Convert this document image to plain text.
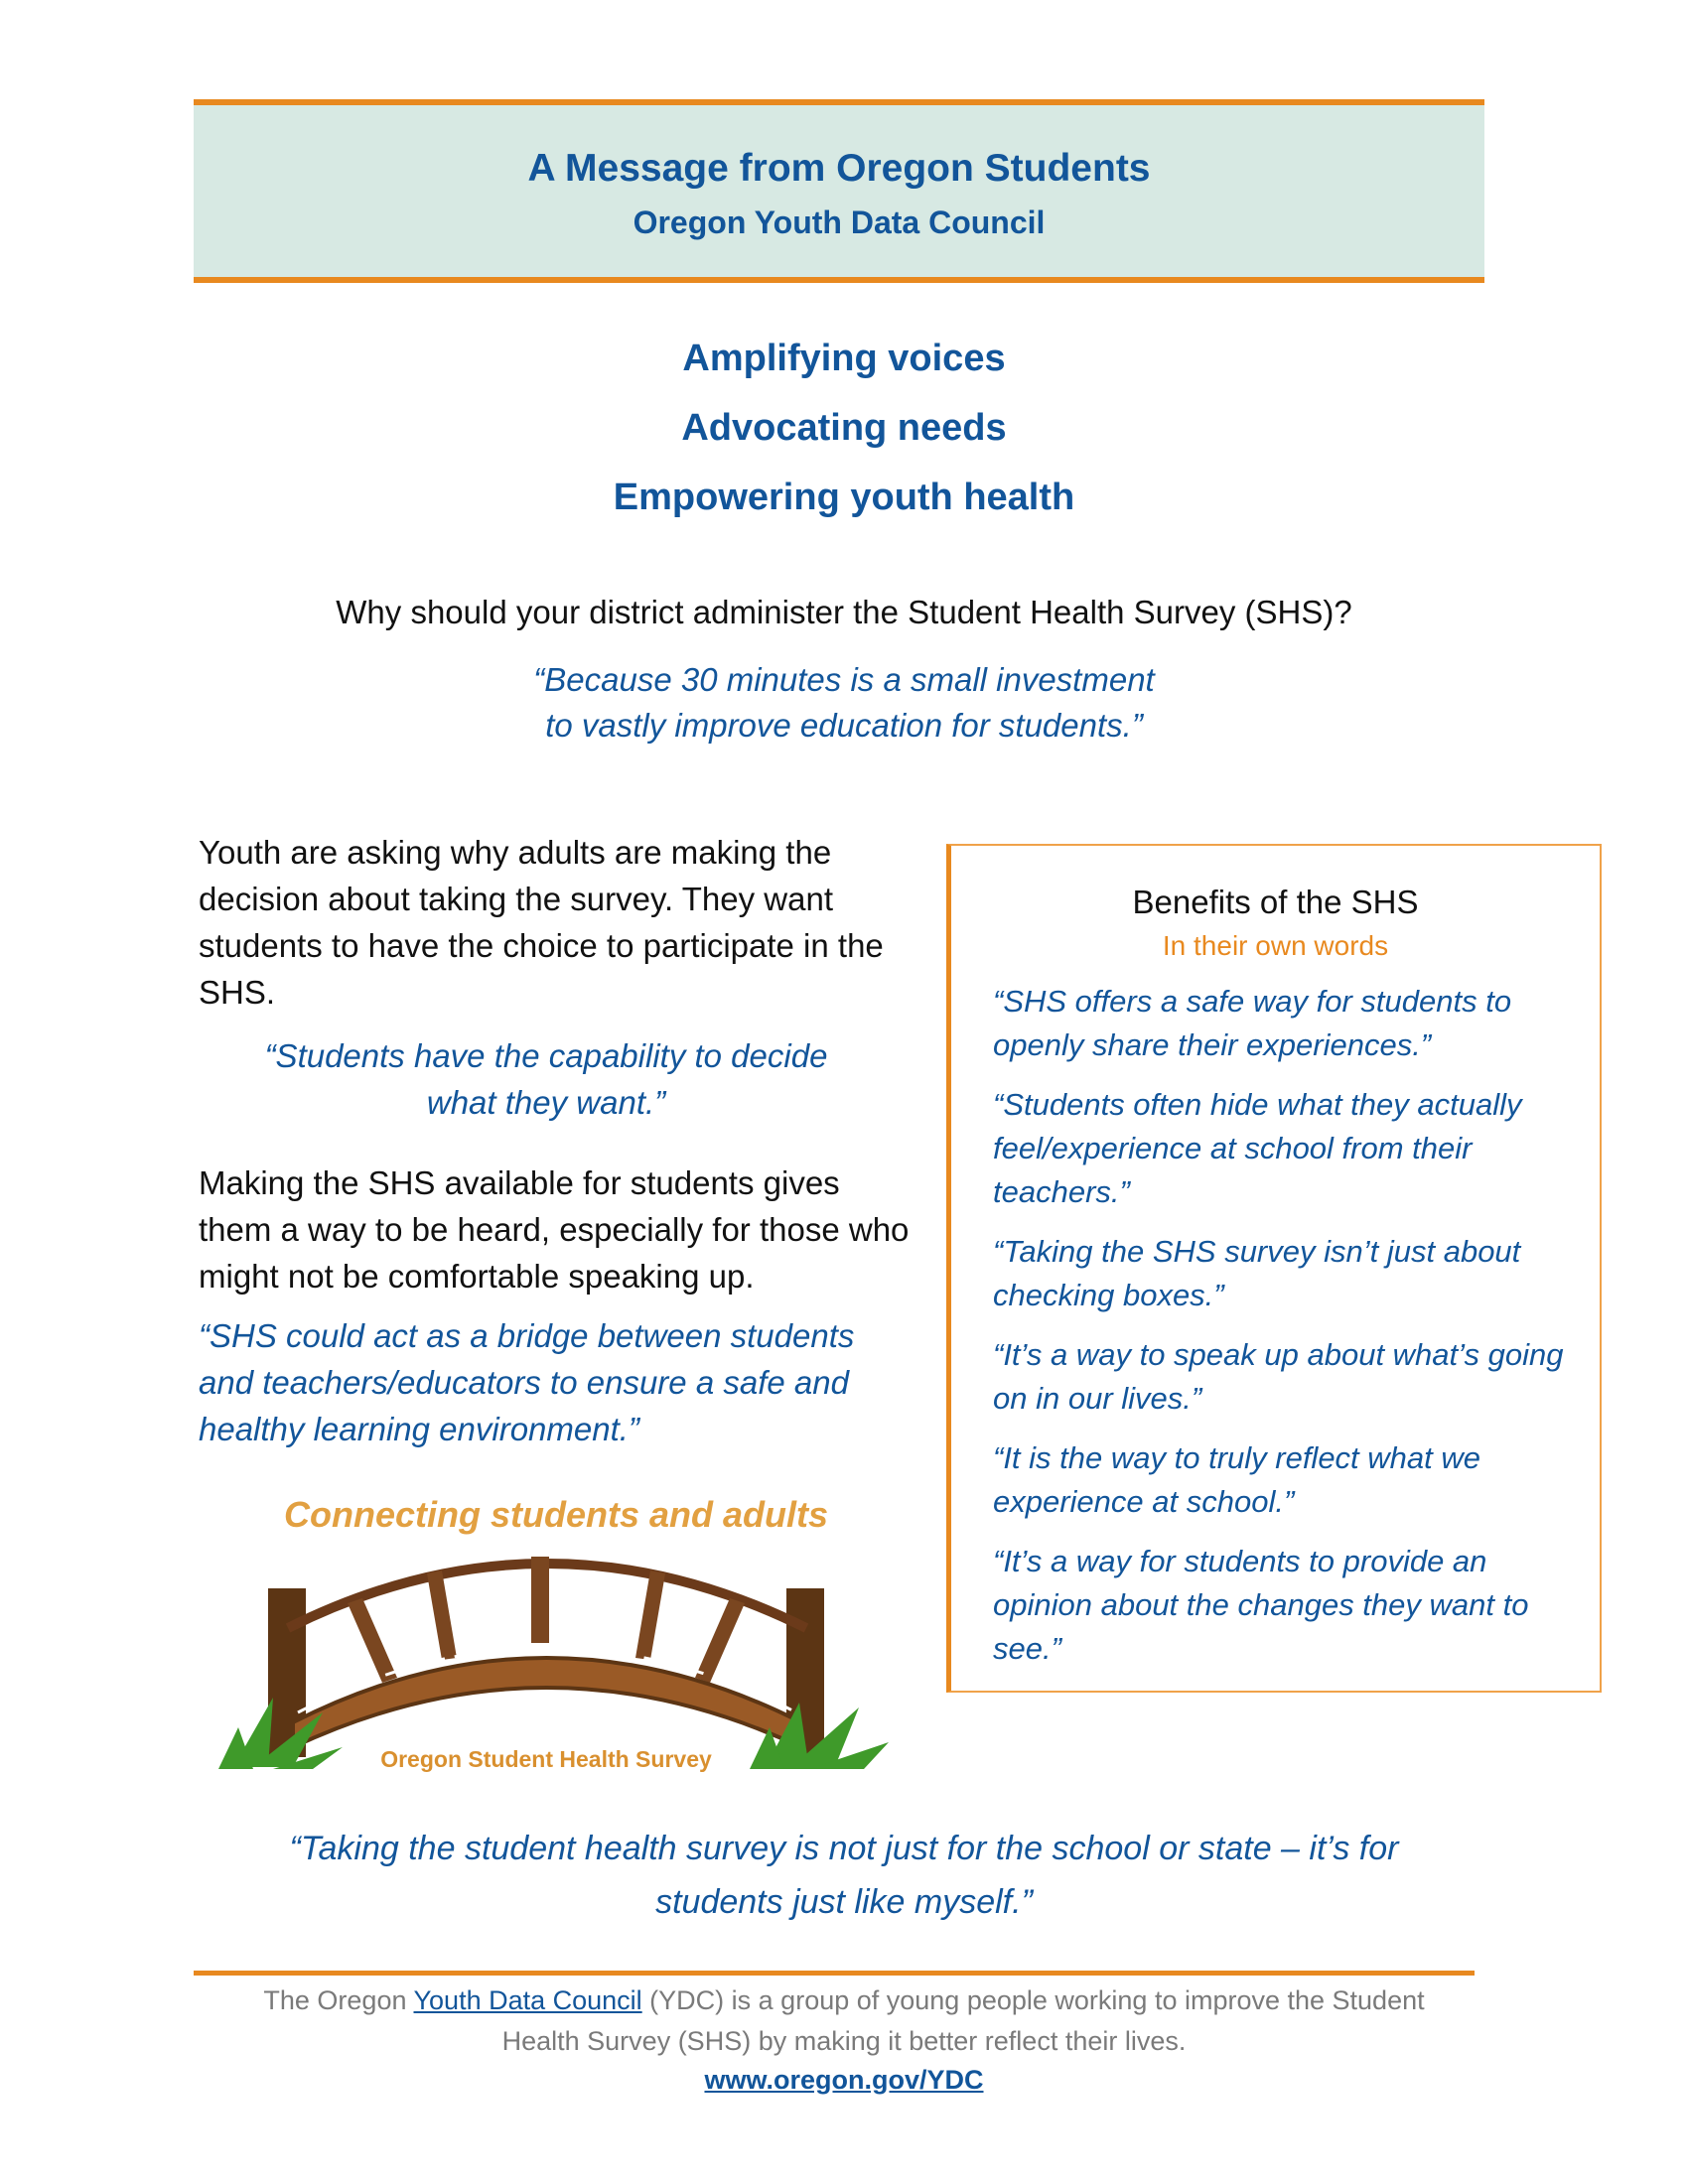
A Message from Oregon Students
Oregon Youth Data Council
Amplifying voices
Advocating needs
Empowering youth health
Why should your district administer the Student Health Survey (SHS)?
“Because 30 minutes is a small investment
to vastly improve education for students.”
Youth are asking why adults are making the decision about taking the survey. They want students to have the choice to participate in the SHS.
“Students have the capability to decide
what they want.”
Making the SHS available for students gives them a way to be heard, especially for those who might not be comfortable speaking up.
“SHS could act as a bridge between students and teachers/educators to ensure a safe and healthy learning environment.”
Connecting students and adults
Oregon Student Health Survey
Benefits of the SHS
In their own words

“SHS offers a safe way for students to openly share their experiences.”

“Students often hide what they actually feel/experience at school from their teachers.”

“Taking the SHS survey isn’t just about checking boxes.”

“It’s a way to speak up about what’s going on in our lives.”

“It is the way to truly reflect what we experience at school.”

“It’s a way for students to provide an opinion about the changes they want to see.”

“Taking the student health survey is not just for the school or state – it’s for
students just like myself.”
The Oregon Youth Data Council (YDC) is a group of young people working to improve the Student
Health Survey (SHS) by making it better reflect their lives.
www.oregon.gov/YDC
